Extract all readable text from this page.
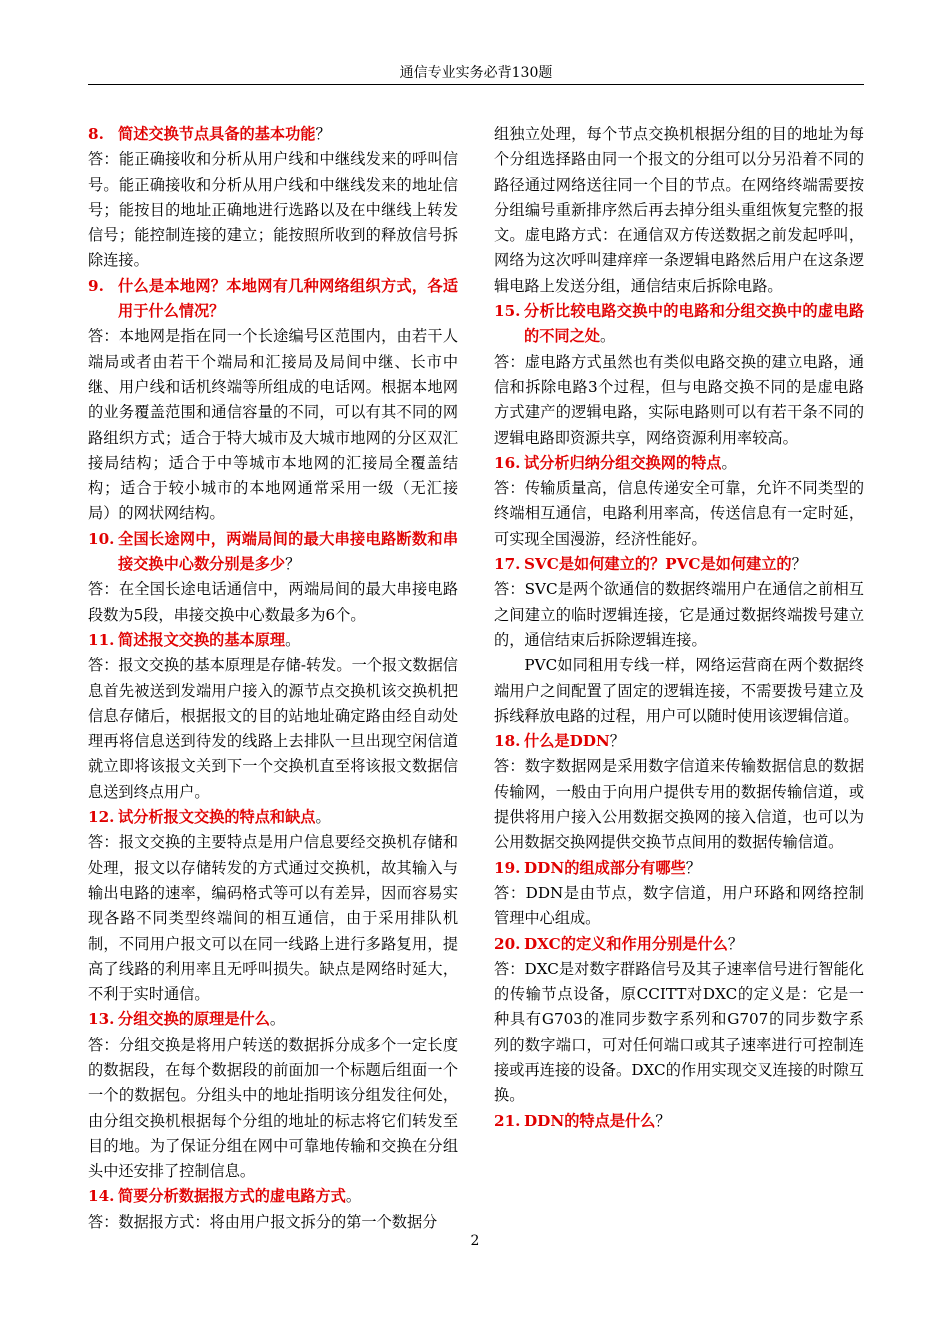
通信专业实务必背130题
8. 简述交换节点具备的基本功能？

答：能正确接收和分析从用户线和中继线发来的呼叫信号。能正确接收和分析从用户线和中继线发来的地址信号；能按目的地址正确地进行选路以及在中继线上转发信号；能控制连接的建立；能按照所收到的释放信号拆除连接。

9. 什么是本地网？本地网有几种网络组织方式，各适用于什么情况？

答：本地网是指在同一个长途编号区范围内，由若干人端局或者由若干个端局和汇接局及局间中继、长市中继、用户线和话机终端等所组成的电话网。根据本地网的业务覆盖范围和通信容量的不同，可以有其不同的网路组织方式；适合于特大城市及大城市地网的分区双汇接局结构；适合于中等城市本地网的汇接局全覆盖结构；适合于较小城市的本地网通常采用一级（无汇接局）的网状网结构。

10. 全国长途网中，两端局间的最大串接电路断数和串接交换中心数分别是多少？

答：在全国长途电话通信中，两端局间的最大串接电路段数为5段，串接交换中心数最多为6个。

11. 简述报文交换的基本原理。

答：报文交换的基本原理是存储-转发。一个报文数据信息首先被送到发端用户接入的源节点交换机该交换机把信息存储后，根据报文的目的站地址确定路由经自动处理再将信息送到待发的线路上去排队一旦出现空闲信道就立即将该报文关到下一个交换机直至将该报文数据信息送到终点用户。

12. 试分析报文交换的特点和缺点。

答：报文交换的主要特点是用户信息要经交换机存储和处理，报文以存储转发的方式通过交换机，故其输入与输出电路的速率，编码格式等可以有差异，因而容易实现各路不同类型终端间的相互通信，由于采用排队机制，不同用户报文可以在同一线路上进行多路复用，提高了线路的利用率且无呼叫损失。缺点是网络时延大，不利于实时通信。

13. 分组交换的原理是什么。

答：分组交换是将用户转送的数据拆分成多个一定长度的数据段，在每个数据段的前面加一个标题后组面一个一个的数据包。分组头中的地址指明该分组发往何处，由分组交换机根据每个分组的地址的标志将它们转发至目的地。为了保证分组在网中可靠地传输和交换在分组头中还安排了控制信息。

14. 简要分析数据报方式的虚电路方式。

答：数据报方式：将由用户报文拆分的第一个数据分

组独立处理，每个节点交换机根据分组的目的地址为每个分组选择路由同一个报文的分组可以分另沿着不同的路径通过网络送往同一个目的节点。在网络终端需要按分组编号重新排序然后再去掉分组头重组恢复完整的报文。虚电路方式：在通信双方传送数据之前发起呼叫，网络为这次呼叫建痒痒一条逻辑电路然后用户在这条逻辑电路上发送分组，通信结束后拆除电路。

15. 分析比较电路交换中的电路和分组交换中的虚电路的不同之处。

答：虚电路方式虽然也有类似电路交换的建立电路，通信和拆除电路3个过程，但与电路交换不同的是虚电路方式建产的逻辑电路，实际电路则可以有若干条不同的逻辑电路即资源共享，网络资源利用率较高。

16. 试分析归纳分组交换网的特点。

答：传输质量高，信息传递安全可靠，允许不同类型的终端相互通信，电路利用率高，传送信息有一定时延，可实现全国漫游，经济性能好。

17. SVC是如何建立的？PVC是如何建立的？

答：SVC是两个欲通信的数据终端用户在通信之前相互之间建立的临时逻辑连接，它是通过数据终端拨号建立的，通信结束后拆除逻辑连接。

PVC如同租用专线一样，网络运营商在两个数据终端用户之间配置了固定的逻辑连接，不需要拨号建立及拆线释放电路的过程，用户可以随时使用该逻辑信道。

18. 什么是DDN？

答：数字数据网是采用数字信道来传输数据信息的数据传输网，一般由于向用户提供专用的数据传输信道，或提供将用户接入公用数据交换网的接入信道，也可以为公用数据交换网提供交换节点间用的数据传输信道。

19. DDN的组成部分有哪些？

答：DDN是由节点，数字信道，用户环路和网络控制管理中心组成。

20. DXC的定义和作用分别是什么？

答：DXC是对数字群路信号及其子速率信号进行智能化的传输节点设备，原CCITT对DXC的定义是：它是一种具有G703的准同步数字系列和G707的同步数字系列的数字端口，可对任何端口或其子速率进行可控制连接或再连接的设备。DXC的作用实现交叉连接的时隙互换。

21. DDN的特点是什么？
2
